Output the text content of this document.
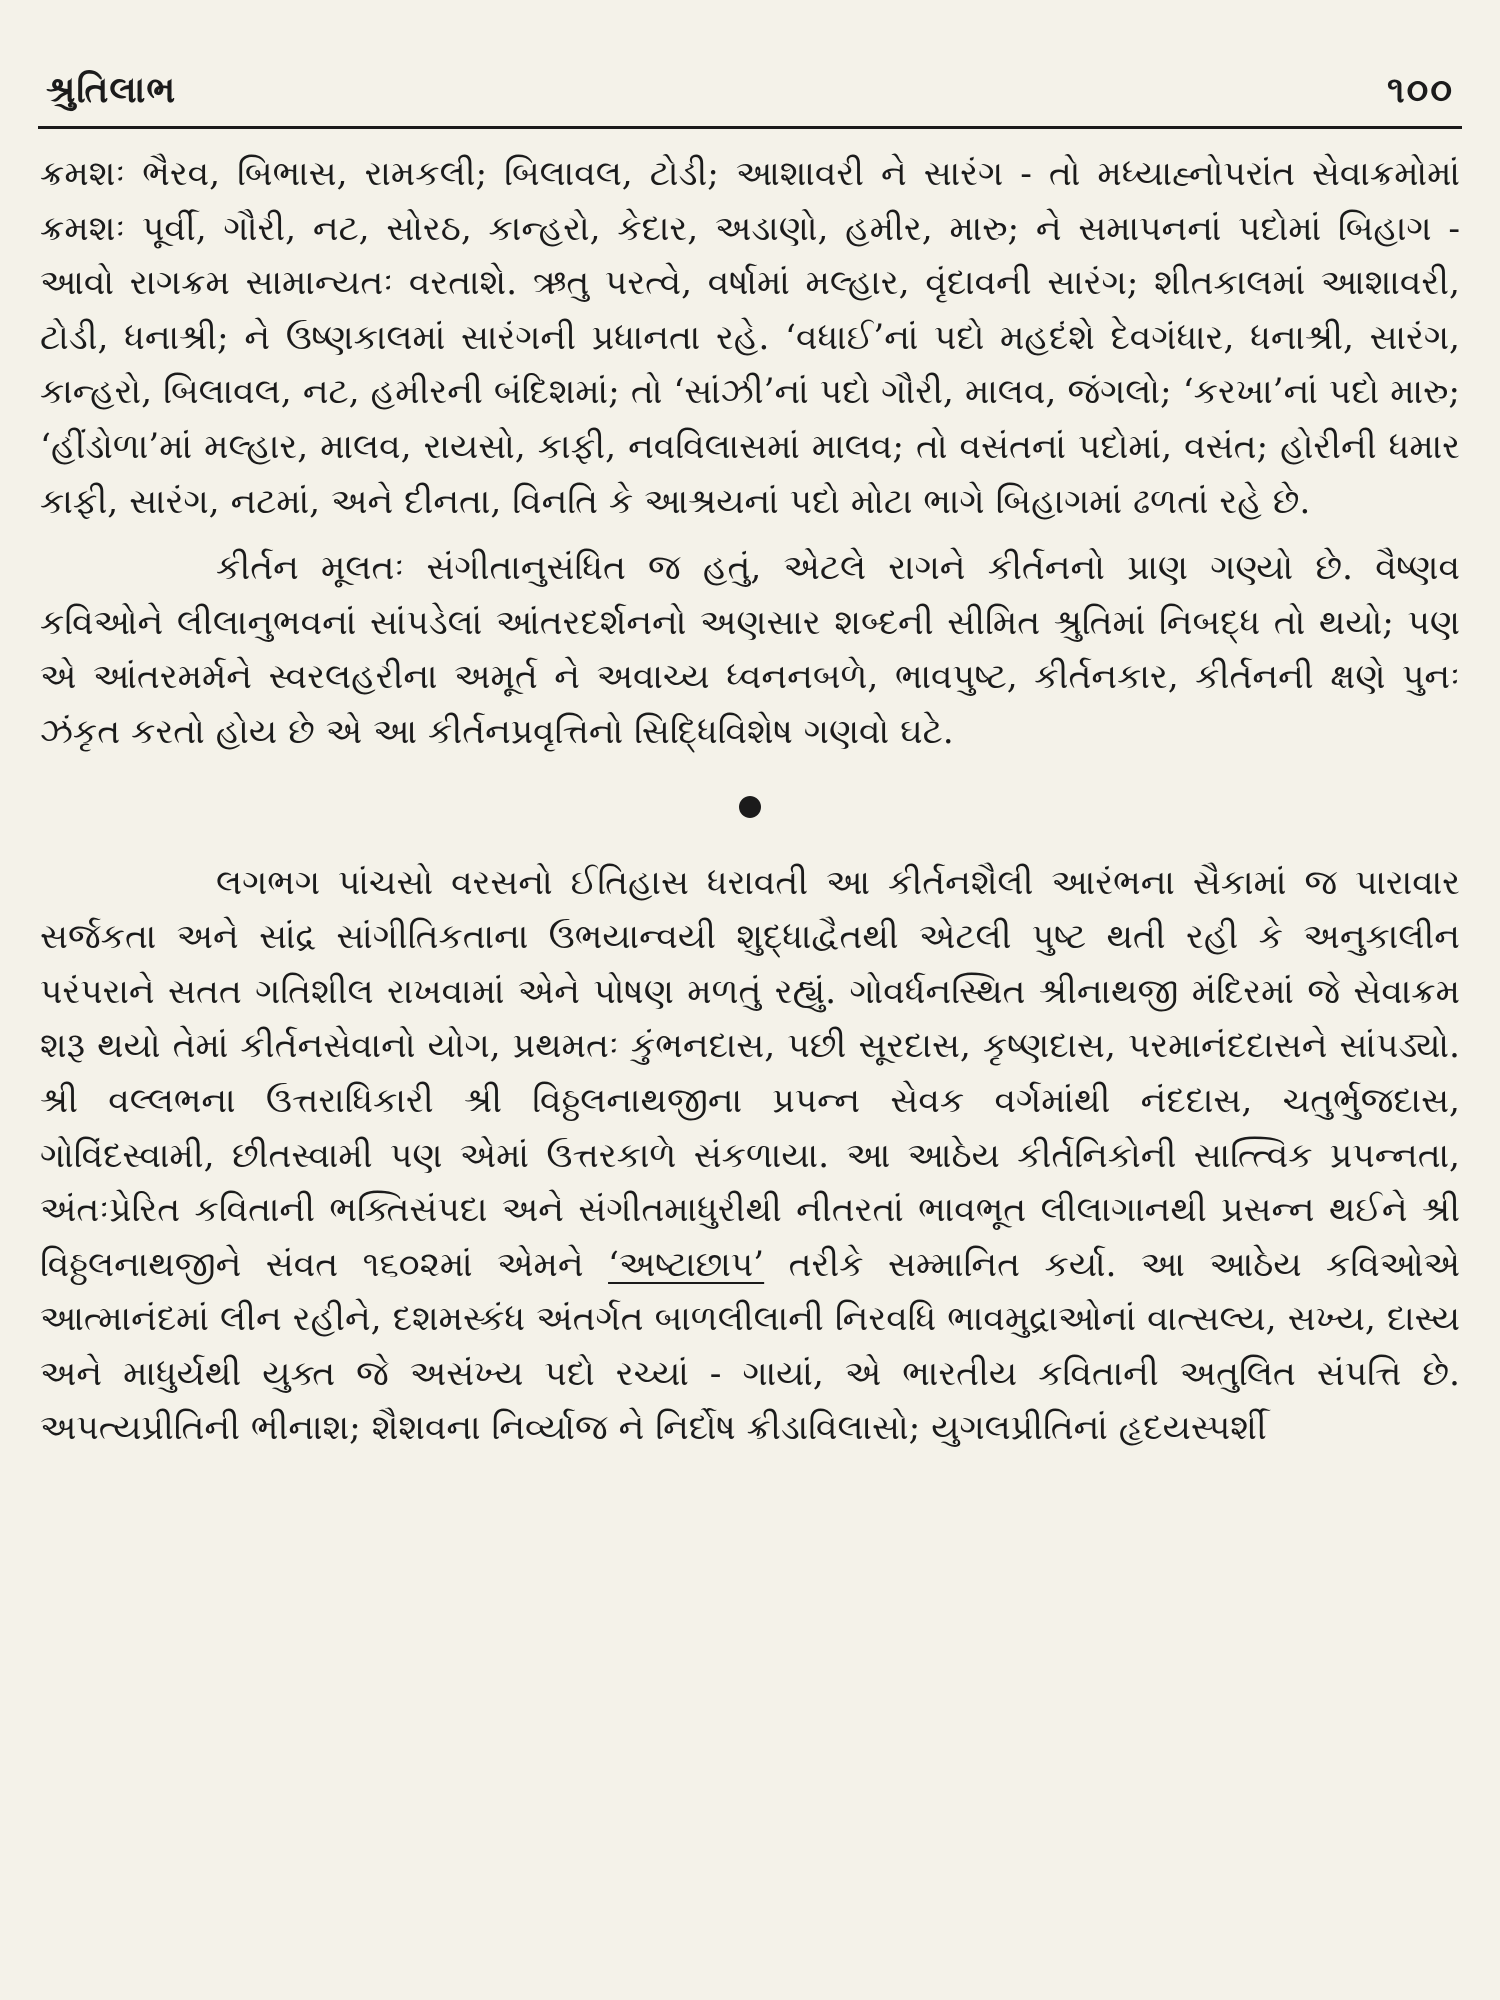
શ્રુતિલાભ	૧૦૦

ક્રમશઃ ભૈરવ, બિભાસ, રામકલી; બિલાવલ, ટોડી; આશાવરી ને સારંગ - તો મધ્યાહ્નોપરાંત સેવાક્રમોમાં ક્રમશઃ પૂર્વી, ગૌરી, નટ, સોરઠ, કાન્હરો, કેદાર, અડાણો, હમીર, મારુ; ને સમાપનનાં પદોમાં બિહાગ - આવો રાગક્રમ સામાન્યતઃ વરતાશે. ઋતુ પરત્વે, વર્ષામાં મલ્હાર, વૃંદાવની સારંગ; શીતકાલમાં આશાવરી, ટોડી, ધનાશ્રી; ને ઉષ્ણકાલમાં સારંગની પ્રધાનતા રહે. ‘વધાઈ’નાં પદો મહદંશે દેવગંધાર, ધનાશ્રી, સારંગ, કાન્હરો, બિલાવલ, નટ, હમીરની બંદિશમાં; તો ‘સાંઝી’નાં પદો ગૌરી, માલવ, જંગલો; ‘કરખા’નાં પદો મારુ; ‘હીંડોળા’માં મલ્હાર, માલવ, રાયસો, કાફી, નવવિલાસમાં માલવ; તો વસંતનાં પદોમાં, વસંત; હોરીની ધમાર કાફી, સારંગ, નટમાં, અને દીનતા, વિનતિ કે આશ્રયનાં પદો મોટા ભાગે બિહાગમાં ઢળતાં રહે છે.

કીર્તન મૂલતઃ સંગીતાનુસંધિત જ હતું, એટલે રાગને કીર્તનનો પ્રાણ ગણ્યો છે. વૈષ્ણવ કવિઓને લીલાનુભવનાં સાંપડેલાં આંતરદર્શનનો અણસાર શબ્દની સીમિત શ્રુતિમાં નિબદ્ધ તો થયો; પણ એ આંતરમર્મને સ્વરલહરીના અમૂર્ત ને અવાચ્ય ધ્વનનબળે, ભાવપુષ્ટ, કીર્તનકાર, કીર્તનની ક્ષણે પુનઃ ઝંકૃત કરતો હોય છે એ આ કીર્તનપ્રવૃત્તિનો સિદ્ધિવિશેષ ગણવો ઘટે.

લગભગ પાંચસો વરસનો ઈતિહાસ ધરાવતી આ કીર્તનશૈલી આરંભના સૈકામાં જ પારાવાર સર્જકતા અને સાંદ્ર સાંગીતિકતાના ઉભયાન્વયી શુદ્ધાદ્વૈતથી એટલી પુષ્ટ થતી રહી કે અનુકાલીન પરંપરાને સતત ગતિશીલ રાખવામાં એને પોષણ મળતું રહ્યું. ગોવર્ધનસ્થિત શ્રીનાથજી મંદિરમાં જે સેવાક્રમ શરૂ થયો તેમાં કીર્તનસેવાનો યોગ, પ્રથમતઃ કુંભનદાસ, પછી સૂરદાસ, કૃષ્ણદાસ, પરમાનંદદાસને સાંપડ્યો. શ્રી વલ્લભના ઉત્તરાધિકારી શ્રી વિઠ્ઠલનાથજીના પ્રપન્ન સેવક વર્ગમાંથી નંદદાસ, ચતુર્ભુજદાસ, ગોવિંદસ્વામી, છીતસ્વામી પણ એમાં ઉત્તરકાળે સંકળાયા. આ આઠેય કીર્તનિકોની સાત્ત્વિક પ્રપન્નતા, અંતઃપ્રેરિત કવિતાની ભક્તિસંપદા અને સંગીતમાધુરીથી નીતરતાં ભાવભૂત લીલાગાનથી પ્રસન્ન થઈને શ્રી વિઠ્ઠલનાથજીને સંવત ૧૬૦૨માં એમને ‘અષ્ટાછાપ’ તરીકે સમ્માનિત કર્યા. આ આઠેય કવિઓએ આત્માનંદમાં લીન રહીને, દશમસ્કંધ અંતર્ગત બાળલીલાની નિરવધિ ભાવમુદ્રાઓનાં વાત્સલ્ય, સખ્ય, દાસ્ય અને માધુર્યથી યુક્ત જે અસંખ્ય પદો રચ્યાં - ગાયાં, એ ભારતીય કવિતાની અતુલિત સંપત્તિ છે. અપત્યપ્રીતિની ભીનાશ; શૈશવના નિર્વ્યાજ ને નિર્દોષ ક્રીડાવિલાસો; યુગલપ્રીતિનાં હૃદયસ્પર્શી
